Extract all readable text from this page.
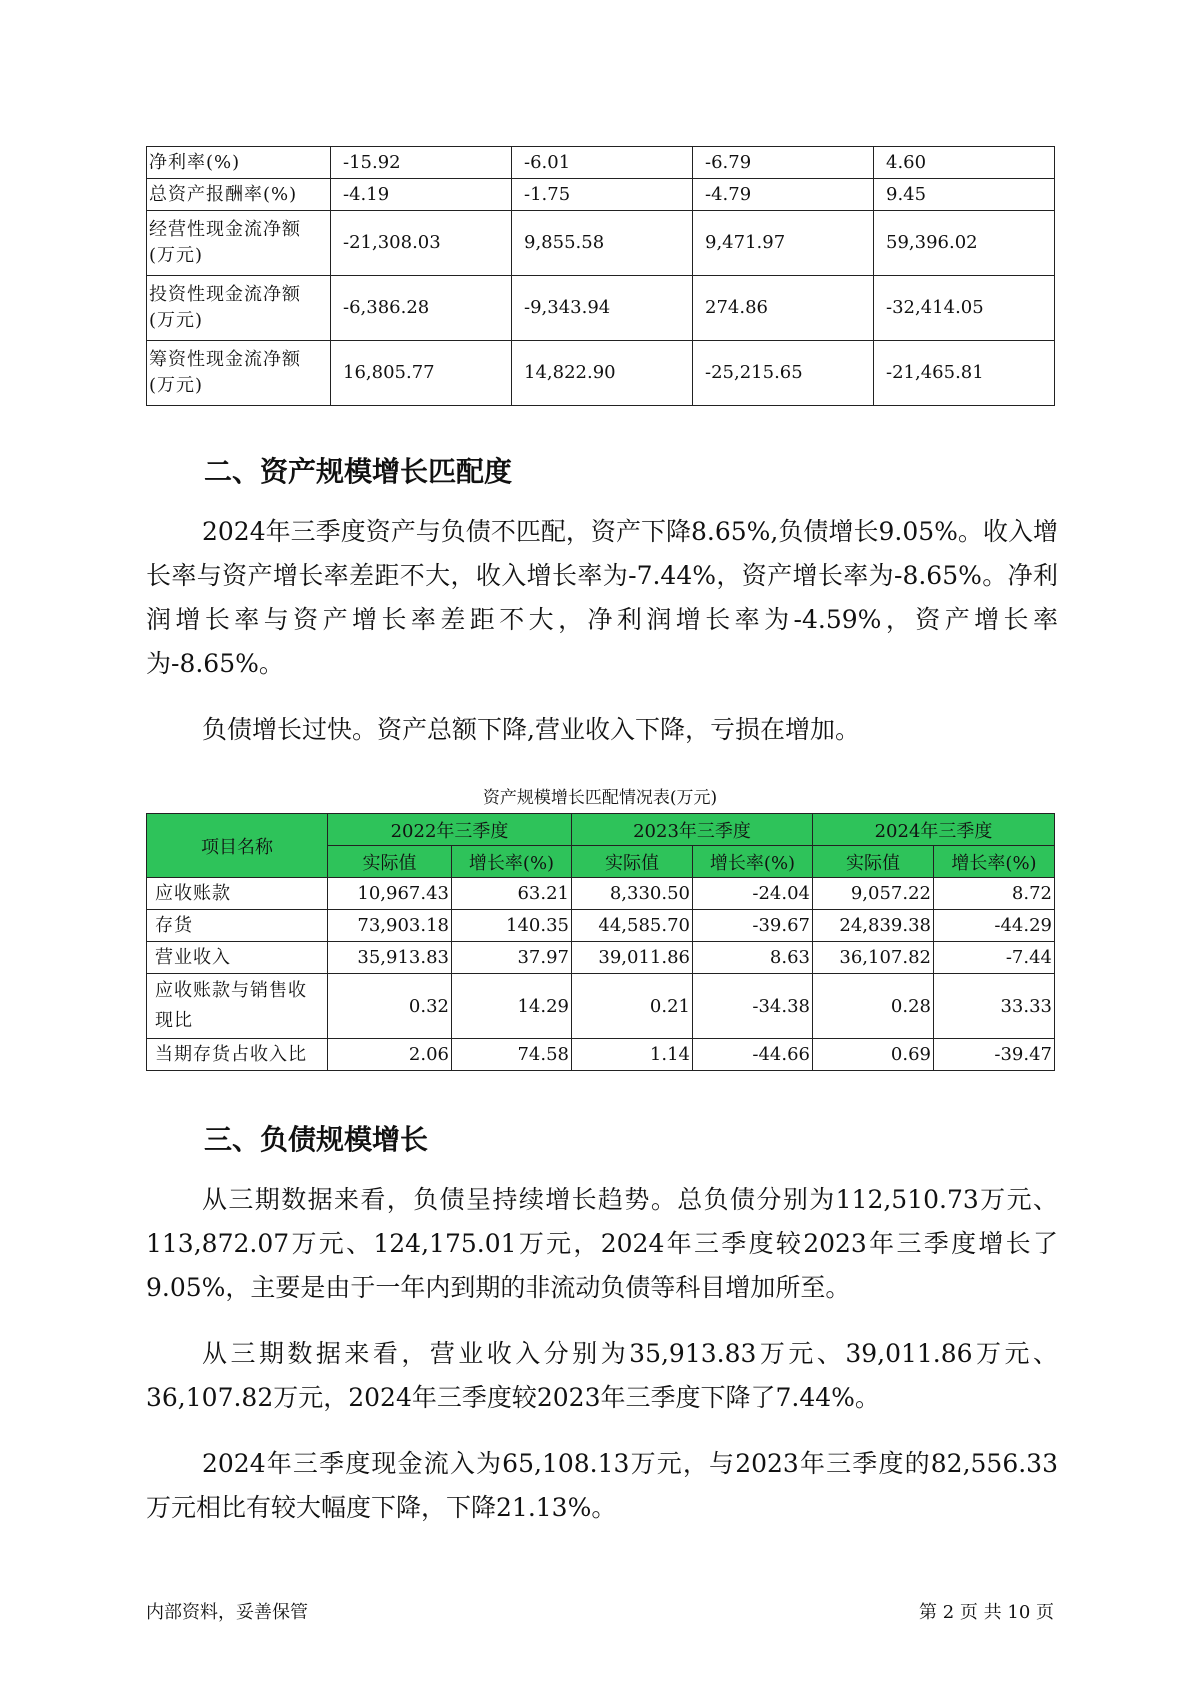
净利率(%)	-15.92	-6.01	-6.79	4.60
总资产报酬率(%)	-4.19	-1.75	-4.79	9.45
经营性现金流净额(万元)	-21,308.03	9,855.58	9,471.97	59,396.02
投资性现金流净额(万元)	-6,386.28	-9,343.94	274.86	-32,414.05
筹资性现金流净额(万元)	16,805.77	14,822.90	-25,215.65	-21,465.81
二、资产规模增长匹配度

2024年三季度资产与负债不匹配，资产下降8.65%,负债增长9.05%。收入增长率与资产增长率差距不大，收入增长率为-7.44%，资产增长率为-8.65%。净利润增长率与资产增长率差距不大，净利润增长率为-4.59%，资产增长率为-8.65%。

负债增长过快。资产总额下降,营业收入下降，亏损在增加。

资产规模增长匹配情况表(万元)
项目名称	2022年三季度		2023年三季度		2024年三季度	
	实际值	增长率(%)	实际值	增长率(%)	实际值	增长率(%)
应收账款	10,967.43	63.21	8,330.50	-24.04	9,057.22	8.72
存货	73,903.18	140.35	44,585.70	-39.67	24,839.38	-44.29
营业收入	35,913.83	37.97	39,011.86	8.63	36,107.82	-7.44
应收账款与销售收现比	0.32	14.29	0.21	-34.38	0.28	33.33
当期存货占收入比	2.06	74.58	1.14	-44.66	0.69	-39.47
三、负债规模增长

从三期数据来看，负债呈持续增长趋势。总负债分别为112,510.73万元、113,872.07万元、124,175.01万元，2024年三季度较2023年三季度增长了9.05%，主要是由于一年内到期的非流动负债等科目增加所至。

从三期数据来看，营业收入分别为35,913.83万元、39,011.86万元、36,107.82万元，2024年三季度较2023年三季度下降了7.44%。

2024年三季度现金流入为65,108.13万元，与2023年三季度的82,556.33万元相比有较大幅度下降，下降21.13%。

内部资料，妥善保管	第 2 页 共 10 页
